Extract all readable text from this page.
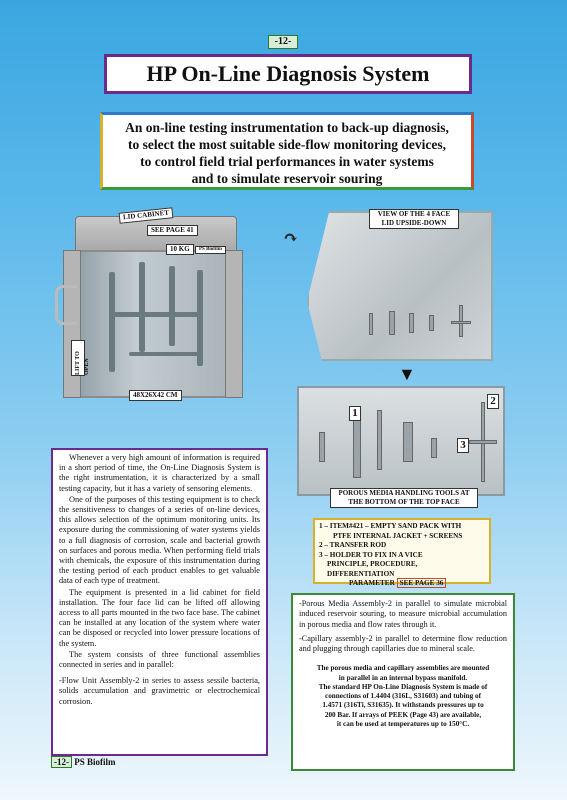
-12-
HP On-Line Diagnosis System
An on-line testing instrumentation to back-up diagnosis,
to select the most suitable side-flow monitoring devices,
to control field trial performances in water systems
and to simulate reservoir souring
LID CABINET
SEE PAGE 41
10 KG	PS Biofilm
LIFT TO OPEN
48X26X42 CM
↷
VIEW OF THE 4 FACE LID UPSIDE-DOWN
▼
1
2
3
POROUS MEDIA HANDLING TOOLS AT THE BOTTOM OF THE TOP FACE
1 – ITEM#421 – EMPTY SAND PACK WITH
PTFE INTERNAL JACKET + SCREENS
2 – TRANSFER ROD
3 – HOLDER TO FIX IN A VICE
PRINCIPLE, PROCEDURE, DIFFERENTIATION
PARAMETER SEE PAGE 36

Whenever a very high amount of information is required in a short period of time, the On-Line Diagnosis System is the right instrumentation, it is characterized by a small testing capacity, but it has a variety of sensoring elements.

One of the purposes of this testing equipment is to check the sensitiveness to changes of a series of on-line devices, this allows selection of the optimum monitoring units. Its exposure during the commissioning of water systems yields to a full diagnosis of corrosion, scale and bacterial growth on surfaces and porous media. When performing field trials with chemicals, the exposure of this instrumentation during the testing period of each product enables to get valuable data of each type of treatment.

The equipment is presented in a lid cabinet for field installation. The four face lid can be lifted off allowing access to all parts mounted in the two face base. The cabinet can be installed at any location of the system where water can be disposed or recycled into lower pressure locations of the system.

The system consists of three functional assemblies connected in series and in parallel:

-Flow Unit Assembly-2 in series to assess sessile bacteria, solids accumulation and gravimetric or electrochemical corrosion.

-Porous Media Assembly-2 in parallel to simulate microbial induced reservoir souring, to measure microbial accumulation in porous media and flow rates through it.

-Capillary assembly-2 in parallel to determine flow reduction and plugging through capillaries due to mineral scale.

The porous media and capillary assemblies are mounted
in parallel in an internal bypass manifold.
The standard HP On-Line Diagnosis System is made of
connections of 1.4404 (316L, S31603) and tubing of
1.4571 (316Ti, S31635). It withstands pressures up to
200 Bar. If arrays of PEEK (Page 43) are available,
it can be used at temperatures up to 150°C.
-12- PS Biofilm
